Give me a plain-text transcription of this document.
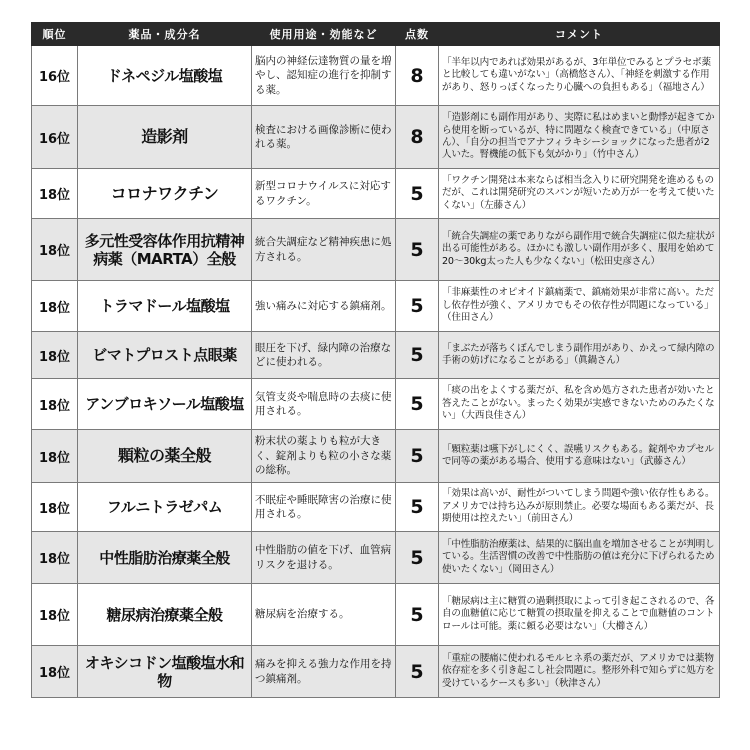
順位	薬品・成分名	使用用途・効能など	点数	コメント
16位	ドネペジル塩酸塩	脳内の神経伝達物質の量を増やし、認知症の進行を抑制する薬。	8	「半年以内であれば効果があるが、3年単位でみるとプラセボ薬と比較しても違いがない」（高橋悠さん）、「神経を刺激する作用があり、怒りっぽくなったり心臓への負担もある」（福地さん）
16位	造影剤	検査における画像診断に使われる薬。	8	「造影剤にも副作用があり、実際に私はめまいと動悸が起きてから使用を断っているが、特に問題なく検査できている」（中原さん）、「自分の担当でアナフィラキシーショックになった患者が2人いた。腎機能の低下も気がかり」（竹中さん）
18位	コロナワクチン	新型コロナウイルスに対応するワクチン。	5	「ワクチン開発は本来ならば相当念入りに研究開発を進めるものだが、これは開発研究のスパンが短いため万が一を考えて使いたくない」（左藤さん）
18位	多元性受容体作用抗精神病薬（MARTA）全般	統合失調症など精神疾患に処方される。	5	「統合失調症の薬でありながら副作用で統合失調症に似た症状が出る可能性がある。ほかにも激しい副作用が多く、服用を始めて20～30kg太った人も少なくない」（松田史彦さん）
18位	トラマドール塩酸塩	強い痛みに対応する鎮痛剤。	5	「非麻薬性のオピオイド鎮痛薬で、鎮痛効果が非常に高い。ただし依存性が強く、アメリカでもその依存性が問題になっている」（住田さん）
18位	ビマトプロスト点眼薬	眼圧を下げ、緑内障の治療などに使われる。	5	「まぶたが落ちくぼんでしまう副作用があり、かえって緑内障の手術の妨げになることがある」（眞鍋さん）
18位	アンブロキソール塩酸塩	気管支炎や喘息時の去痰に使用される。	5	「痰の出をよくする薬だが、私を含め処方された患者が効いたと答えたことがない。まったく効果が実感できないためのみたくない」（大西良佳さん）
18位	顆粒の薬全般	粉末状の薬よりも粒が大きく、錠剤よりも粒の小さな薬の総称。	5	「顆粒薬は嚥下がしにくく、誤嚥リスクもある。錠剤やカプセルで同等の薬がある場合、使用する意味はない」（武藤さん）
18位	フルニトラゼパム	不眠症や睡眠障害の治療に使用される。	5	「効果は高いが、耐性がついてしまう問題や強い依存性もある。アメリカでは持ち込みが原則禁止。必要な場面もある薬だが、長期使用は控えたい」（前田さん）
18位	中性脂肪治療薬全般	中性脂肪の値を下げ、血管病リスクを退ける。	5	「中性脂肪治療薬は、結果的に脳出血を増加させることが判明している。生活習慣の改善で中性脂肪の値は充分に下げられるため使いたくない」（岡田さん）
18位	糖尿病治療薬全般	糖尿病を治療する。	5	「糖尿病は主に糖質の過剰摂取によって引き起こされるので、各自の血糖値に応じて糖質の摂取量を抑えることで血糖値のコントロールは可能。薬に頼る必要はない」（大櫛さん）
18位	オキシコドン塩酸塩水和物	痛みを抑える強力な作用を持つ鎮痛剤。	5	「重症の腰痛に使われるモルヒネ系の薬だが、アメリカでは薬物依存症を多く引き起こし社会問題に。整形外科で知らずに処方を受けているケースも多い」（秋津さん）
